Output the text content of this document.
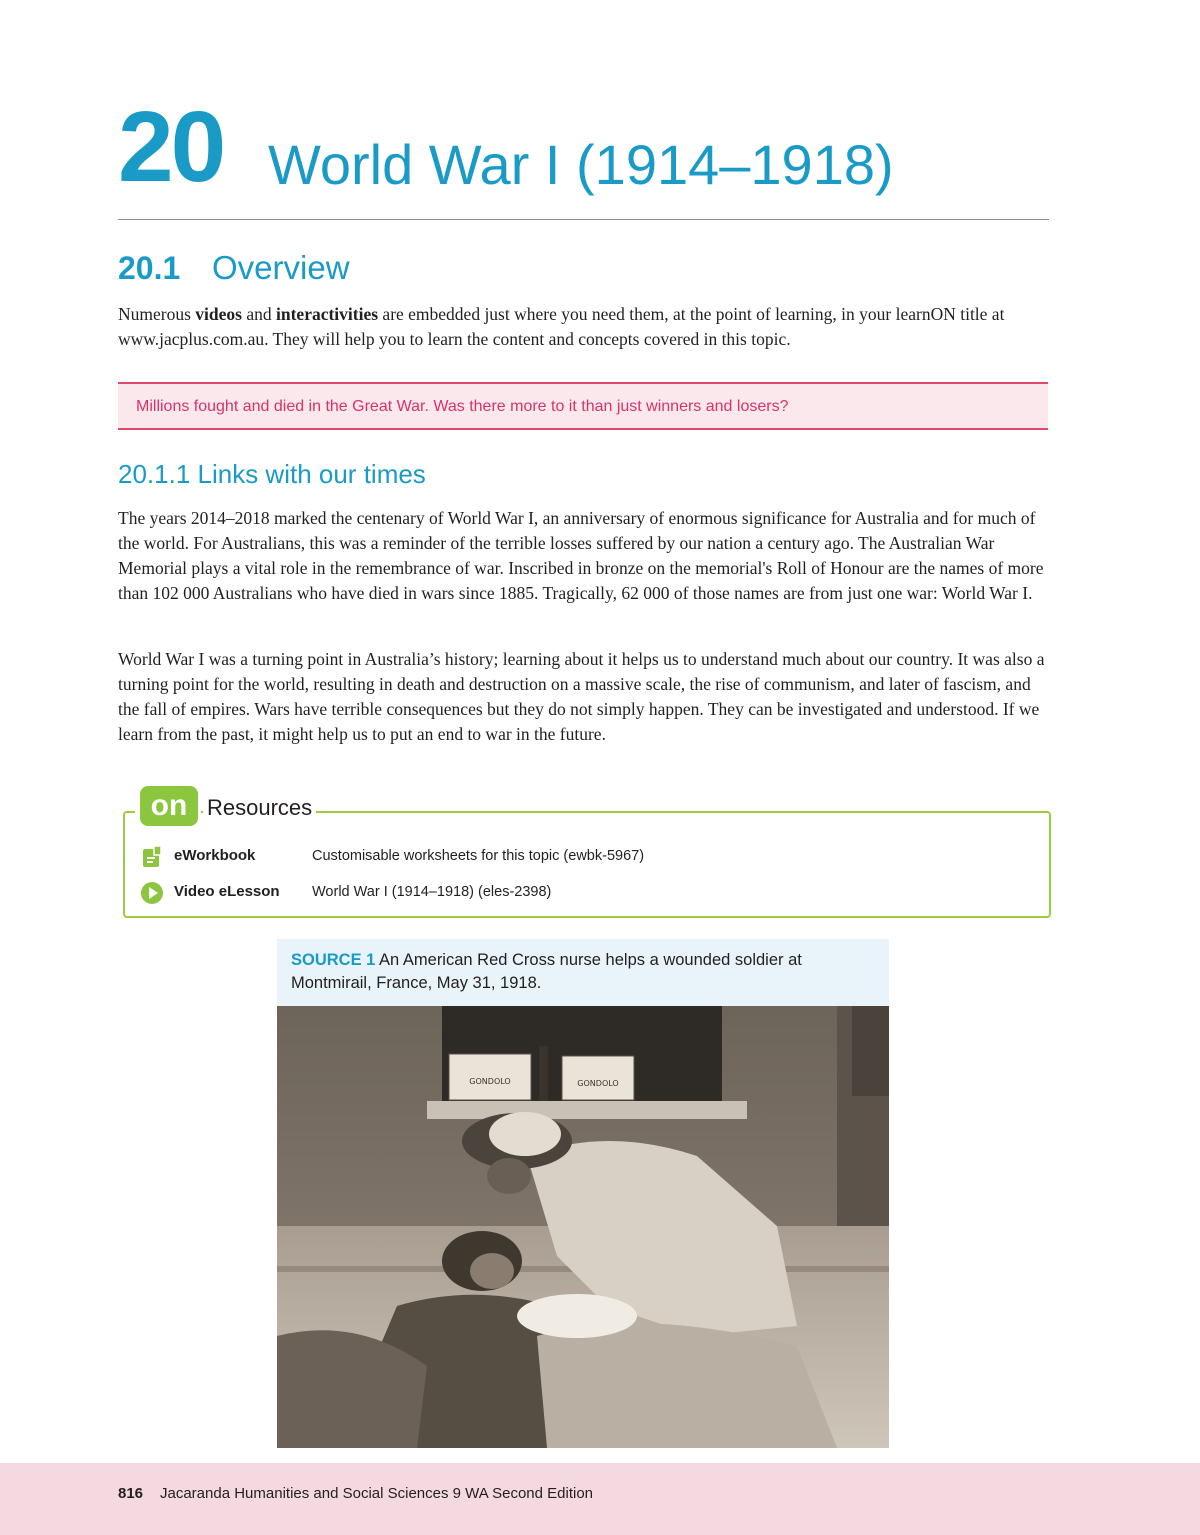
20 World War I (1914–1918)
20.1 Overview

Numerous videos and interactivities are embedded just where you need them, at the point of learning, in your learnON title at www.jacplus.com.au. They will help you to learn the content and concepts covered in this topic.

Millions fought and died in the Great War. Was there more to it than just winners and losers?
20.1.1 Links with our times

The years 2014–2018 marked the centenary of World War I, an anniversary of enormous significance for Australia and for much of the world. For Australians, this was a reminder of the terrible losses suffered by our nation a century ago. The Australian War Memorial plays a vital role in the remembrance of war. Inscribed in bronze on the memorial's Roll of Honour are the names of more than 102 000 Australians who have died in wars since 1885. Tragically, 62 000 of those names are from just one war: World War I.

World War I was a turning point in Australia’s history; learning about it helps us to understand much about our country. It was also a turning point for the world, resulting in death and destruction on a massive scale, the rise of communism, and later of fascism, and the fall of empires. Wars have terrible consequences but they do not simply happen. They can be investigated and understood. If we learn from the past, it might help us to put an end to war in the future.

on Resources
eWorkbook	Customisable worksheets for this topic (ewbk-5967)
Video eLesson World War I (1914–1918) (eles-2398)

SOURCE 1 An American Red Cross nurse helps a wounded soldier at Montmirail, France, May 31, 1918.

GONDOLO	GONDOLO
816 Jacaranda Humanities and Social Sciences 9 WA Second Edition
